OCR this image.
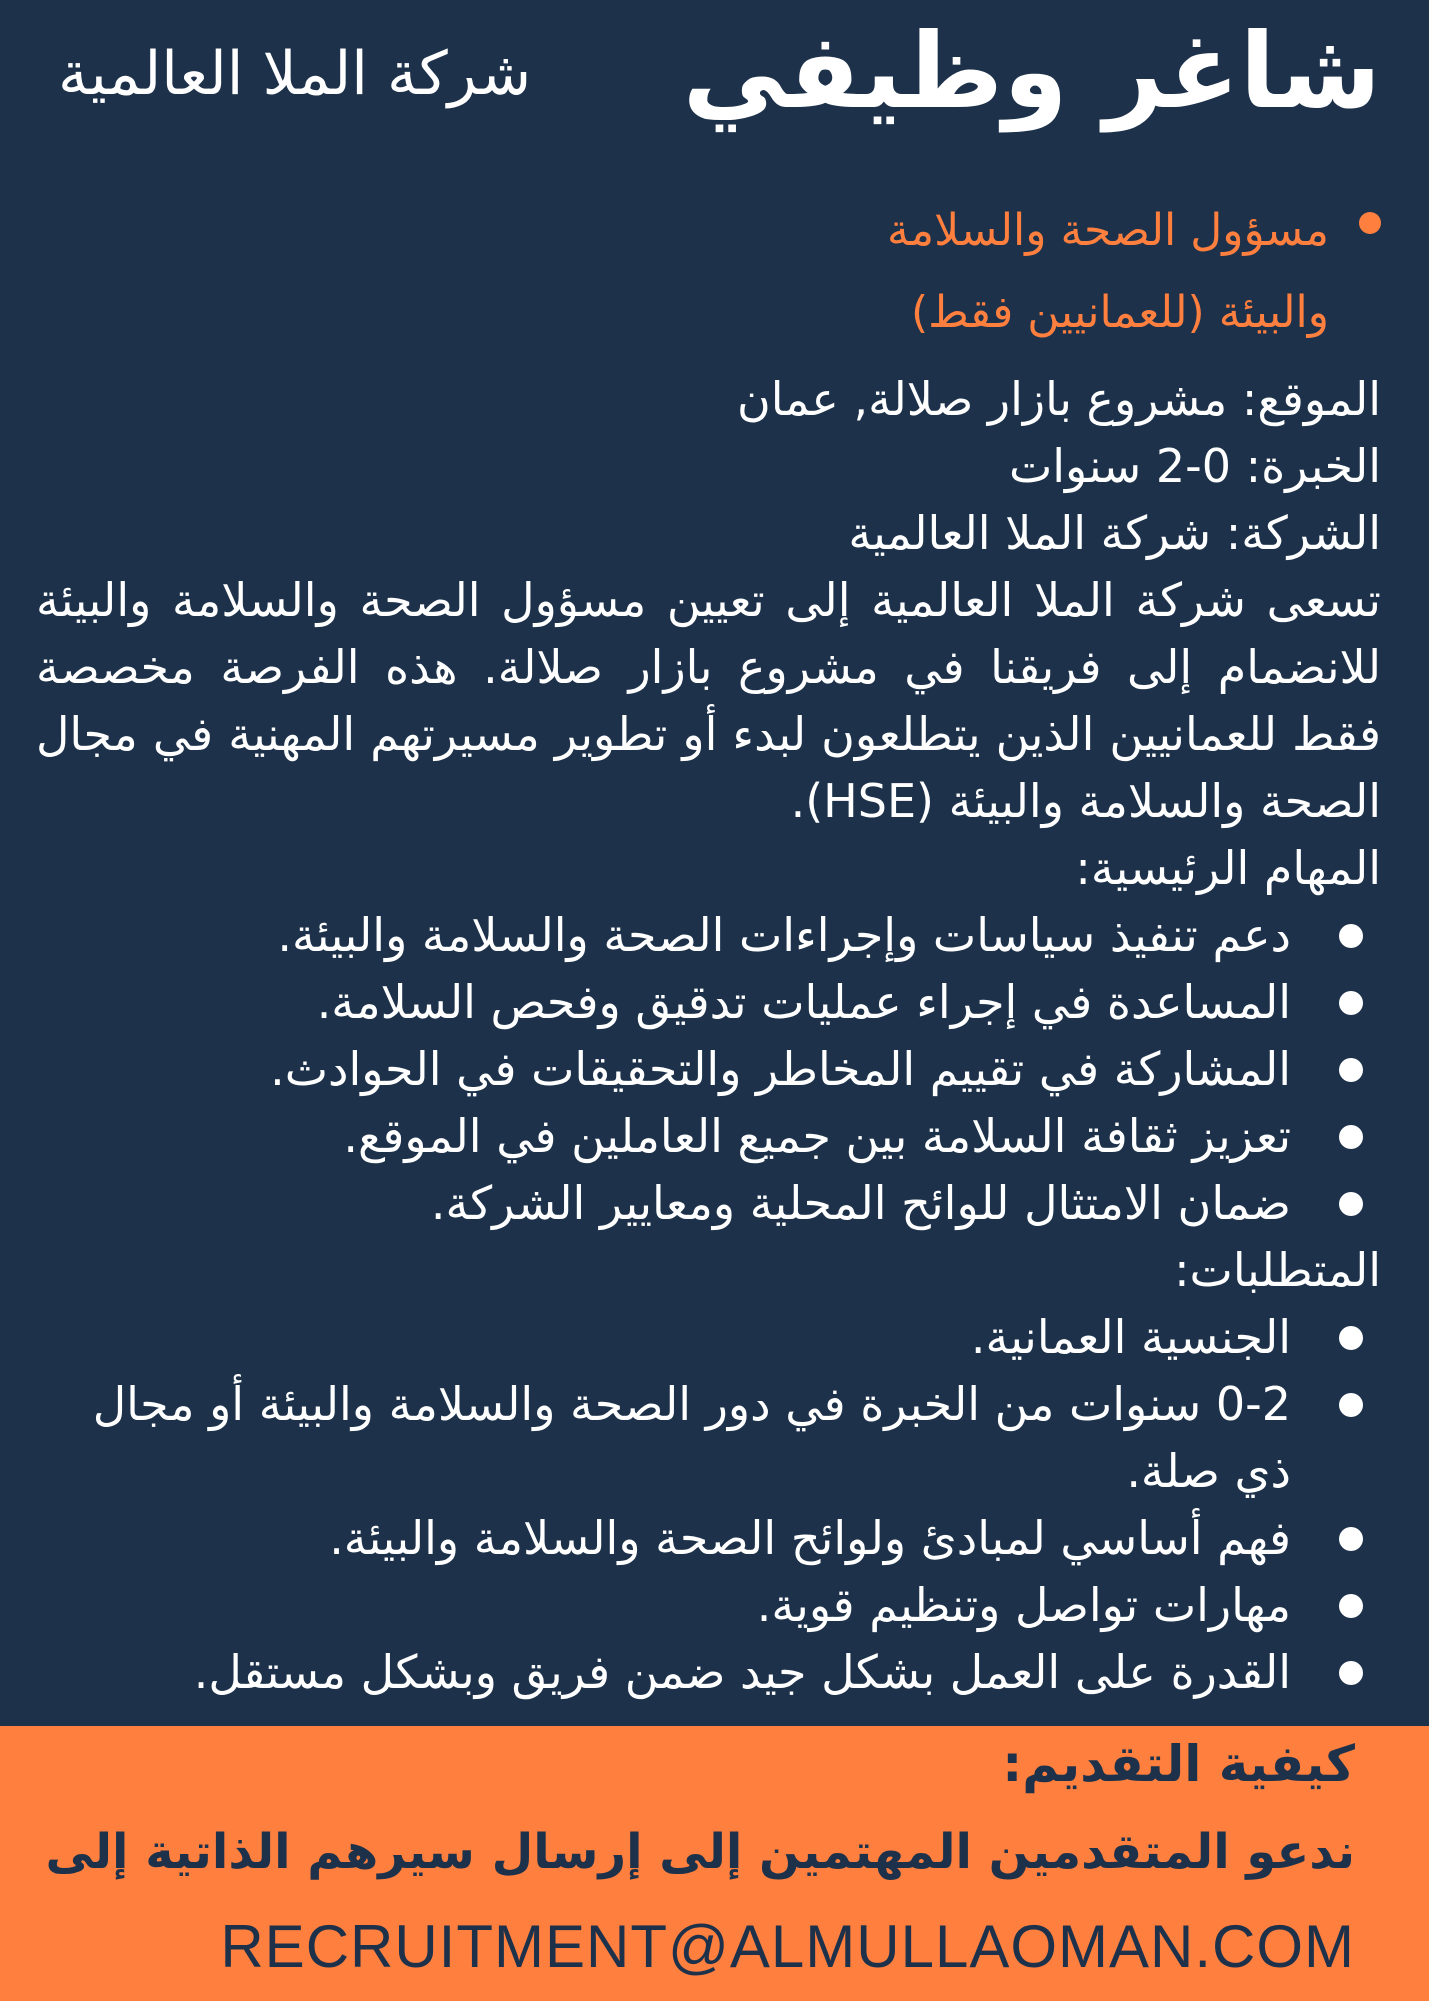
شاغر وظيفي
شركة الملا العالمية
مسؤول الصحة والسلامة والبيئة (للعمانيين فقط)

الموقع: مشروع بازار صلالة, عمان

الخبرة: 0-2 سنوات

الشركة: شركة الملا العالمية

تسعى شركة الملا العالمية إلى تعيين مسؤول الصحة والسلامة والبيئة للانضمام إلى فريقنا في مشروع بازار صلالة. هذه الفرصة مخصصة فقط للعمانيين الذين يتطلعون لبدء أو تطوير مسيرتهم المهنية في مجال الصحة والسلامة والبيئة (HSE).

المهام الرئيسية:

دعم تنفيذ سياسات وإجراءات الصحة والسلامة والبيئة.
المساعدة في إجراء عمليات تدقيق وفحص السلامة.
المشاركة في تقييم المخاطر والتحقيقات في الحوادث.
تعزيز ثقافة السلامة بين جميع العاملين في الموقع.
ضمان الامتثال للوائح المحلية ومعايير الشركة.

المتطلبات:

الجنسية العمانية.
0-2 سنوات من الخبرة في دور الصحة والسلامة والبيئة أو مجال ذي صلة.
فهم أساسي لمبادئ ولوائح الصحة والسلامة والبيئة.
مهارات تواصل وتنظيم قوية.
القدرة على العمل بشكل جيد ضمن فريق وبشكل مستقل.
كيفية التقديم:
ندعو المتقدمين المهتمين إلى إرسال سيرهم الذاتية إلى
RECRUITMENT@ALMULLAOMAN.COM
